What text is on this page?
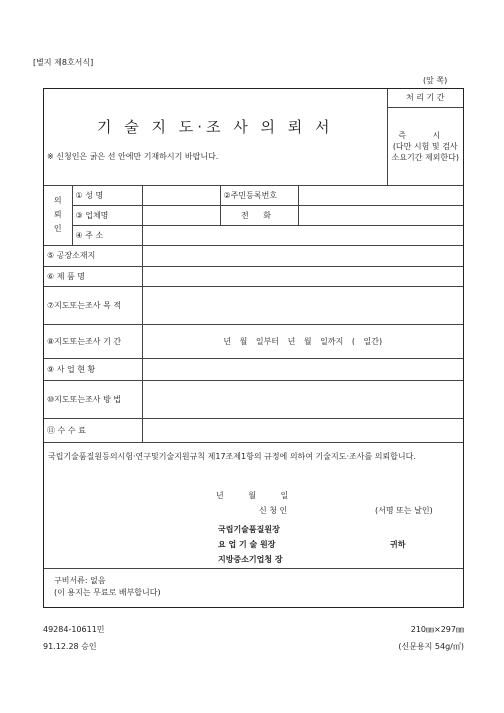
[별지 제8호서식]
(앞 쪽)
기 술 지 도·조 사 의 뢰 서
※ 신청인은 굵은 선 안에만 기재하시기 바랍니다.
	처 리 기 간

즉 시
(다만 시험 및 검사소요기간 제외한다)
의뢰인	① 성 명		②주민등록번호	
	③ 업체명		전 화	
	④ 주 소			
⑤ 공장소재지	
⑥ 제 품 명	
⑦지도또는조사 목 적	
⑧지도또는조사 기 간	년 월 일부터 년 월 일까지 ( 일간)
⑨ 사 업 현 황	
⑩지도또는조사 방 법	
⑪ 수 수 료	
국립기술품질원등의시험·연구및기술지원규칙 제17조제1항의 규정에 의하여 기술지도·조사를 의뢰합니다.
년 월 일
신 청 인	(서명 또는 날인)
국립기술품질원장
요 업 기 술 원장
지방중소기업청 장
귀하
구비서류: 없음
(이 용지는 무료로 배부합니다)
49284-10611민
91.12.28 승인
210㎜×297㎜
(신문용지 54g/㎡)
